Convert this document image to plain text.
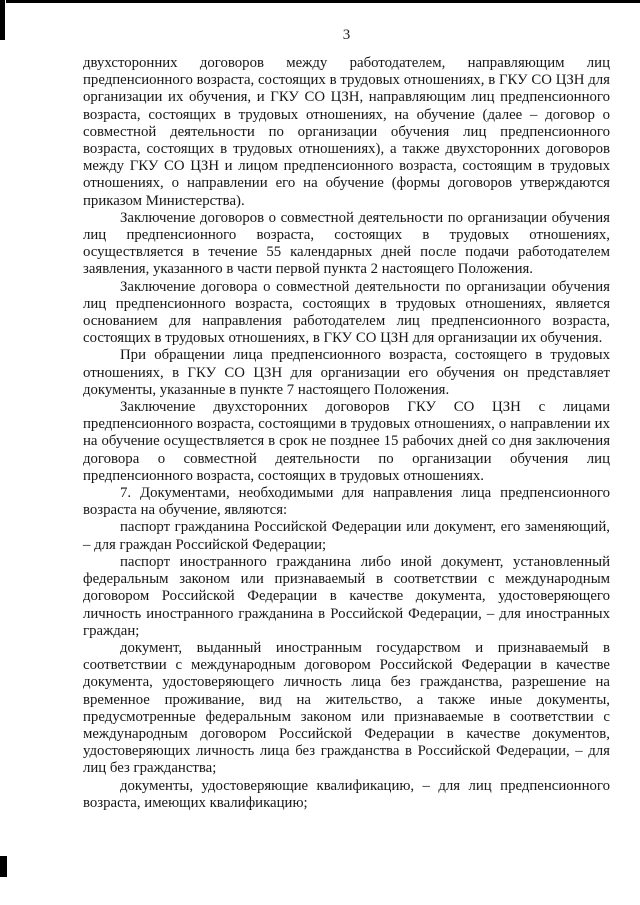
3

двухсторонних договоров между работодателем, направляющим лиц предпенсионного возраста, состоящих в трудовых отношениях, в ГКУ СО ЦЗН для организации их обучения, и ГКУ СО ЦЗН, направляющим лиц предпенсионного возраста, состоящих в трудовых отношениях, на обучение (далее – договор о совместной деятельности по организации обучения лиц предпенсионного возраста, состоящих в трудовых отношениях), а также двухсторонних договоров между ГКУ СО ЦЗН и лицом предпенсионного возраста, состоящим в трудовых отношениях, о направлении его на обучение (формы договоров утверждаются приказом Министерства).

Заключение договоров о совместной деятельности по организации обучения лиц предпенсионного возраста, состоящих в трудовых отношениях, осуществляется в течение 55 календарных дней после подачи работодателем заявления, указанного в части первой пункта 2 настоящего Положения.

Заключение договора о совместной деятельности по организации обучения лиц предпенсионного возраста, состоящих в трудовых отношениях, является основанием для направления работодателем лиц предпенсионного возраста, состоящих в трудовых отношениях, в ГКУ СО ЦЗН для организации их обучения.

При обращении лица предпенсионного возраста, состоящего в трудовых отношениях, в ГКУ СО ЦЗН для организации его обучения он представляет документы, указанные в пункте 7 настоящего Положения.

Заключение двухсторонних договоров ГКУ СО ЦЗН с лицами предпенсионного возраста, состоящими в трудовых отношениях, о направлении их на обучение осуществляется в срок не позднее 15 рабочих дней со дня заключения договора о совместной деятельности по организации обучения лиц предпенсионного возраста, состоящих в трудовых отношениях.

7. Документами, необходимыми для направления лица предпенсионного возраста на обучение, являются:

паспорт гражданина Российской Федерации или документ, его заменяющий, – для граждан Российской Федерации;

паспорт иностранного гражданина либо иной документ, установленный федеральным законом или признаваемый в соответствии с международным договором Российской Федерации в качестве документа, удостоверяющего личность иностранного гражданина в Российской Федерации, – для иностранных граждан;

документ, выданный иностранным государством и признаваемый в соответствии с международным договором Российской Федерации в качестве документа, удостоверяющего личность лица без гражданства, разрешение на временное проживание, вид на жительство, а также иные документы, предусмотренные федеральным законом или признаваемые в соответствии с международным договором Российской Федерации в качестве документов, удостоверяющих личность лица без гражданства в Российской Федерации, – для лиц без гражданства;

документы, удостоверяющие квалификацию, – для лиц предпенсионного возраста, имеющих квалификацию;
